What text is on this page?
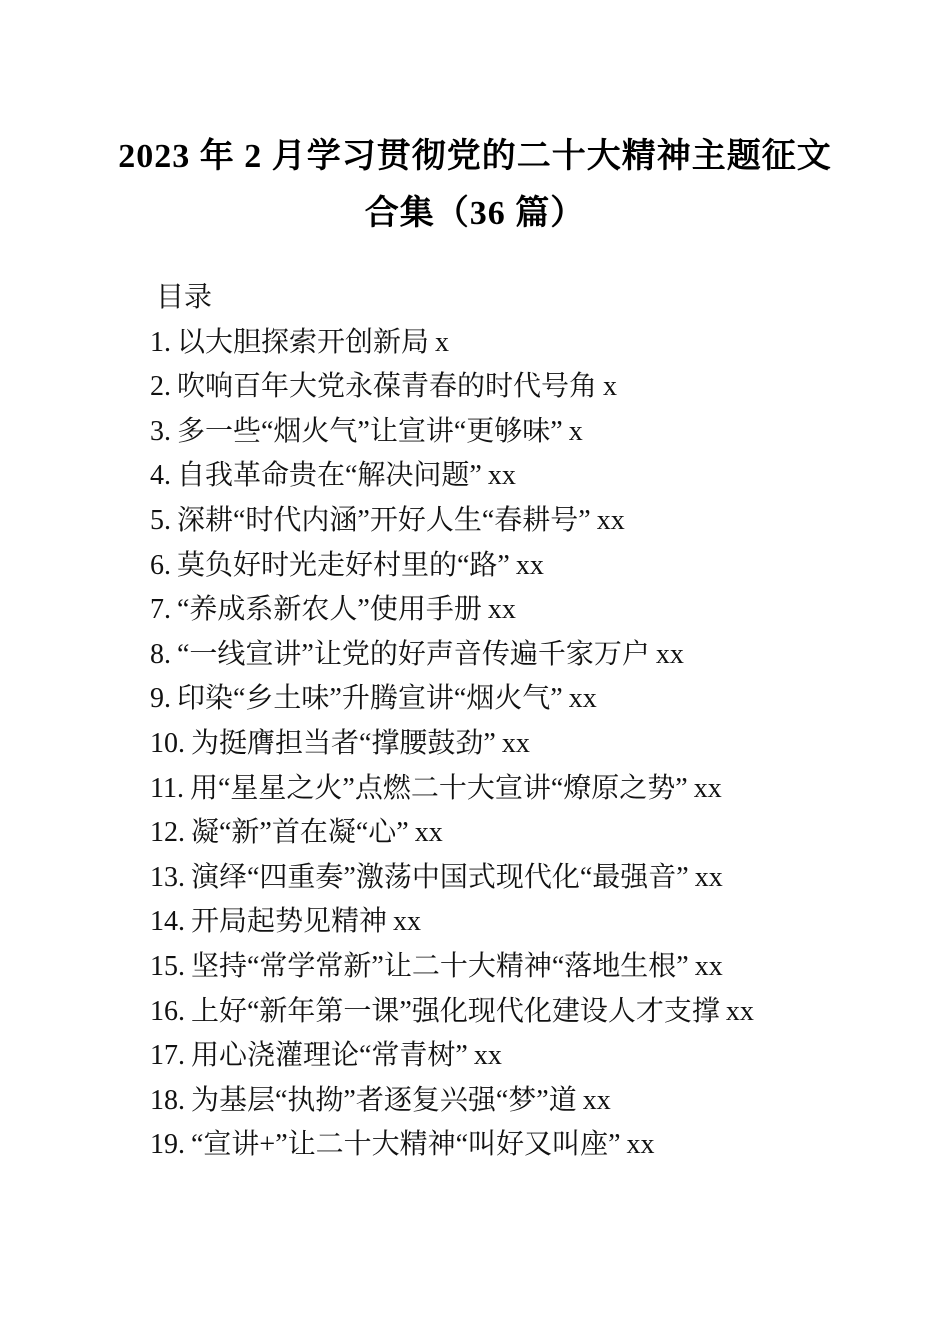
2023 年 2 月学习贯彻党的二十大精神主题征文
合集（36 篇）
目录
1. 以大胆探索开创新局 x
2. 吹响百年大党永葆青春的时代号角 x
3. 多一些“烟火气”让宣讲“更够味” x
4. 自我革命贵在“解决问题” xx
5. 深耕“时代内涵”开好人生“春耕号” xx
6. 莫负好时光走好村里的“路” xx
7. “养成系新农人”使用手册 xx
8. “一线宣讲”让党的好声音传遍千家万户 xx
9. 印染“乡土味”升腾宣讲“烟火气” xx
10. 为挺膺担当者“撑腰鼓劲” xx
11. 用“星星之火”点燃二十大宣讲“燎原之势” xx
12. 凝“新”首在凝“心” xx
13. 演绎“四重奏”激荡中国式现代化“最强音” xx
14. 开局起势见精神 xx
15. 坚持“常学常新”让二十大精神“落地生根” xx
16. 上好“新年第一课”强化现代化建设人才支撑 xx
17. 用心浇灌理论“常青树” xx
18. 为基层“执拗”者逐复兴强“梦”道 xx
19. “宣讲+”让二十大精神“叫好又叫座” xx
